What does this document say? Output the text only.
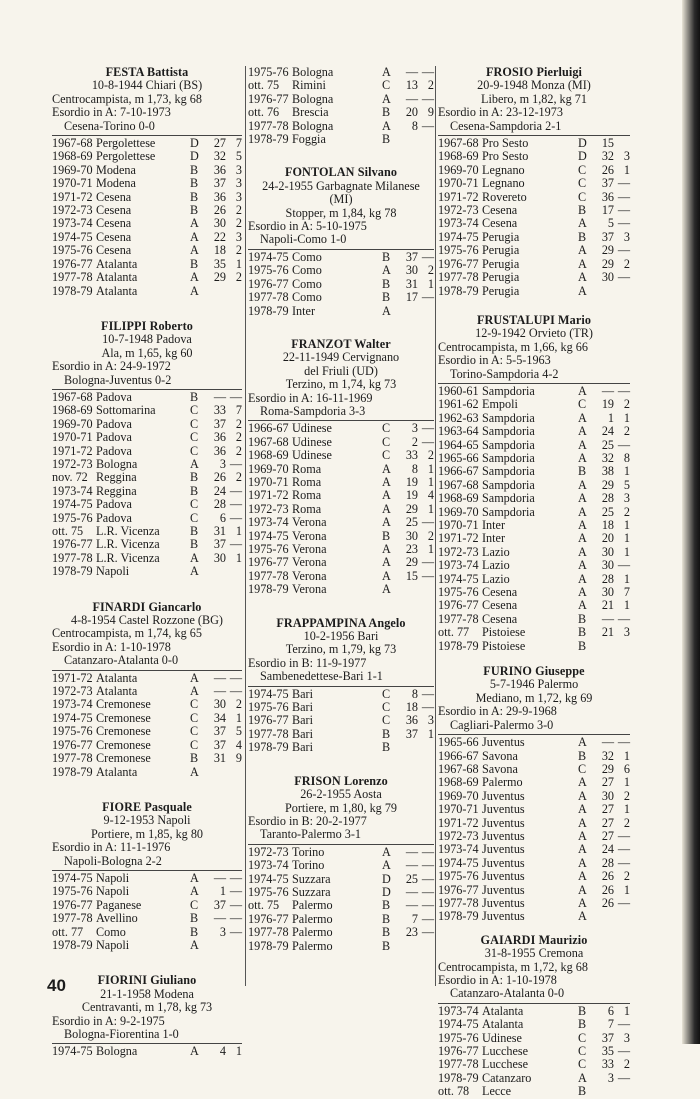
FESTA Battista
10-8-1944 Chiari (BS)
Centrocampista, m 1,73, kg 68
Esordio in A: 7-10-1973
Cesena-Torino 0-0
1967-68	Pergolettese	D	27	7
1968-69	Pergolettese	D	32	5
1969-70	Modena	B	36	3
1970-71	Modena	B	37	3
1971-72	Cesena	B	36	3
1972-73	Cesena	B	26	2
1973-74	Cesena	A	30	2
1974-75	Cesena	A	22	3
1975-76	Cesena	A	18	2
1976-77	Atalanta	B	35	1
1977-78	Atalanta	A	29	2
1978-79	Atalanta	A		
FILIPPI Roberto
10-7-1948 Padova
Ala, m 1,65, kg 60
Esordio in A: 24-9-1972
Bologna-Juventus 0-2
1967-68	Padova	B	—	—
1968-69	Sottomarina	C	33	7
1969-70	Padova	C	37	2
1970-71	Padova	C	36	2
1971-72	Padova	C	36	2
1972-73	Bologna	A	3	—
nov. 72	Reggina	B	26	2
1973-74	Reggina	B	24	—
1974-75	Padova	C	28	—
1975-76	Padova	C	6	—
ott. 75	L.R. Vicenza	B	31	1
1976-77	L.R. Vicenza	B	37	—
1977-78	L.R. Vicenza	A	30	1
1978-79	Napoli	A		
FINARDI Giancarlo
4-8-1954 Castel Rozzone (BG)
Centrocampista, m 1,74, kg 65
Esordio in A: 1-10-1978
Catanzaro-Atalanta 0-0
1971-72	Atalanta	A	—	—
1972-73	Atalanta	A	—	—
1973-74	Cremonese	C	30	2
1974-75	Cremonese	C	34	1
1975-76	Cremonese	C	37	5
1976-77	Cremonese	C	37	4
1977-78	Cremonese	B	31	9
1978-79	Atalanta	A		
FIORE Pasquale
9-12-1953 Napoli
Portiere, m 1,85, kg 80
Esordio in A: 11-1-1976
Napoli-Bologna 2-2
1974-75	Napoli	A	—	—
1975-76	Napoli	A	1	—
1976-77	Paganese	C	37	—
1977-78	Avellino	B	—	—
ott. 77	Como	B	3	—
1978-79	Napoli	A		
FIORINI Giuliano
21-1-1958 Modena
Centravanti, m 1,78, kg 73
Esordio in A: 9-2-1975
Bologna-Fiorentina 1-0
1974-75	Bologna	A	4	1
1975-76	Bologna	A	—	—
ott. 75	Rimini	C	13	2
1976-77	Bologna	A	—	—
ott. 76	Brescia	B	20	9
1977-78	Bologna	A	8	—
1978-79	Foggia	B		
FONTOLAN Silvano
24-2-1955 Garbagnate Milanese
(MI)
Stopper, m 1,84, kg 78
Esordio in A: 5-10-1975
Napoli-Como 1-0
1974-75	Como	B	37	—
1975-76	Como	A	30	2
1976-77	Como	B	31	1
1977-78	Como	B	17	—
1978-79	Inter	A		
FRANZOT Walter
22-11-1949 Cervignano
del Friuli (UD)
Terzino, m 1,74, kg 73
Esordio in A: 16-11-1969
Roma-Sampdoria 3-3
1966-67	Udinese	C	3	—
1967-68	Udinese	C	2	—
1968-69	Udinese	C	33	2
1969-70	Roma	A	8	1
1970-71	Roma	A	19	1
1971-72	Roma	A	19	4
1972-73	Roma	A	29	1
1973-74	Verona	A	25	—
1974-75	Verona	B	30	2
1975-76	Verona	A	23	1
1976-77	Verona	A	29	—
1977-78	Verona	A	15	—
1978-79	Verona	A		
FRAPPAMPINA Angelo
10-2-1956 Bari
Terzino, m 1,79, kg 73
Esordio in B: 11-9-1977
Sambenedettese-Bari 1-1
1974-75	Bari	C	8	—
1975-76	Bari	C	18	—
1976-77	Bari	C	36	3
1977-78	Bari	B	37	1
1978-79	Bari	B		
FRISON Lorenzo
26-2-1955 Aosta
Portiere, m 1,80, kg 79
Esordio in B: 20-2-1977
Taranto-Palermo 3-1
1972-73	Torino	A	—	—
1973-74	Torino	A	—	—
1974-75	Suzzara	D	25	—
1975-76	Suzzara	D	—	—
ott. 75	Palermo	B	—	—
1976-77	Palermo	B	7	—
1977-78	Palermo	B	23	—
1978-79	Palermo	B		
FROSIO Pierluigi
20-9-1948 Monza (MI)
Libero, m 1,82, kg 71
Esordio in A: 23-12-1973
Cesena-Sampdoria 2-1
1967-68	Pro Sesto	D	15	
1968-69	Pro Sesto	D	32	3
1969-70	Legnano	C	26	1
1970-71	Legnano	C	37	—
1971-72	Rovereto	C	36	—
1972-73	Cesena	B	17	—
1973-74	Cesena	A	5	—
1974-75	Perugia	B	37	3
1975-76	Perugia	A	29	—
1976-77	Perugia	A	29	2
1977-78	Perugia	A	30	—
1978-79	Perugia	A		
FRUSTALUPI Mario
12-9-1942 Orvieto (TR)
Centrocampista, m 1,66, kg 66
Esordio in A: 5-5-1963
Torino-Sampdoria 4-2
1960-61	Sampdoria	A	—	—
1961-62	Empoli	C	19	2
1962-63	Sampdoria	A	1	1
1963-64	Sampdoria	A	24	2
1964-65	Sampdoria	A	25	—
1965-66	Sampdoria	A	32	8
1966-67	Sampdoria	B	38	1
1967-68	Sampdoria	A	29	5
1968-69	Sampdoria	A	28	3
1969-70	Sampdoria	A	25	2
1970-71	Inter	A	18	1
1971-72	Inter	A	20	1
1972-73	Lazio	A	30	1
1973-74	Lazio	A	30	—
1974-75	Lazio	A	28	1
1975-76	Cesena	A	30	7
1976-77	Cesena	A	21	1
1977-78	Cesena	B	—	—
ott. 77	Pistoiese	B	21	3
1978-79	Pistoiese	B		
FURINO Giuseppe
5-7-1946 Palermo
Mediano, m 1,72, kg 69
Esordio in A: 29-9-1968
Cagliari-Palermo 3-0
1965-66	Juventus	A	—	—
1966-67	Savona	B	32	1
1967-68	Savona	C	29	6
1968-69	Palermo	A	27	1
1969-70	Juventus	A	30	2
1970-71	Juventus	A	27	1
1971-72	Juventus	A	27	2
1972-73	Juventus	A	27	—
1973-74	Juventus	A	24	—
1974-75	Juventus	A	28	—
1975-76	Juventus	A	26	2
1976-77	Juventus	A	26	1
1977-78	Juventus	A	26	—
1978-79	Juventus	A		
GAIARDI Maurizio
31-8-1955 Cremona
Centrocampista, m 1,72, kg 68
Esordio in A: 1-10-1978
Catanzaro-Atalanta 0-0
1973-74	Atalanta	B	6	1
1974-75	Atalanta	B	7	—
1975-76	Udinese	C	37	3
1976-77	Lucchese	C	35	—
1977-78	Lucchese	C	33	2
1978-79	Catanzaro	A	3	—
ott. 78	Lecce	B		
40
